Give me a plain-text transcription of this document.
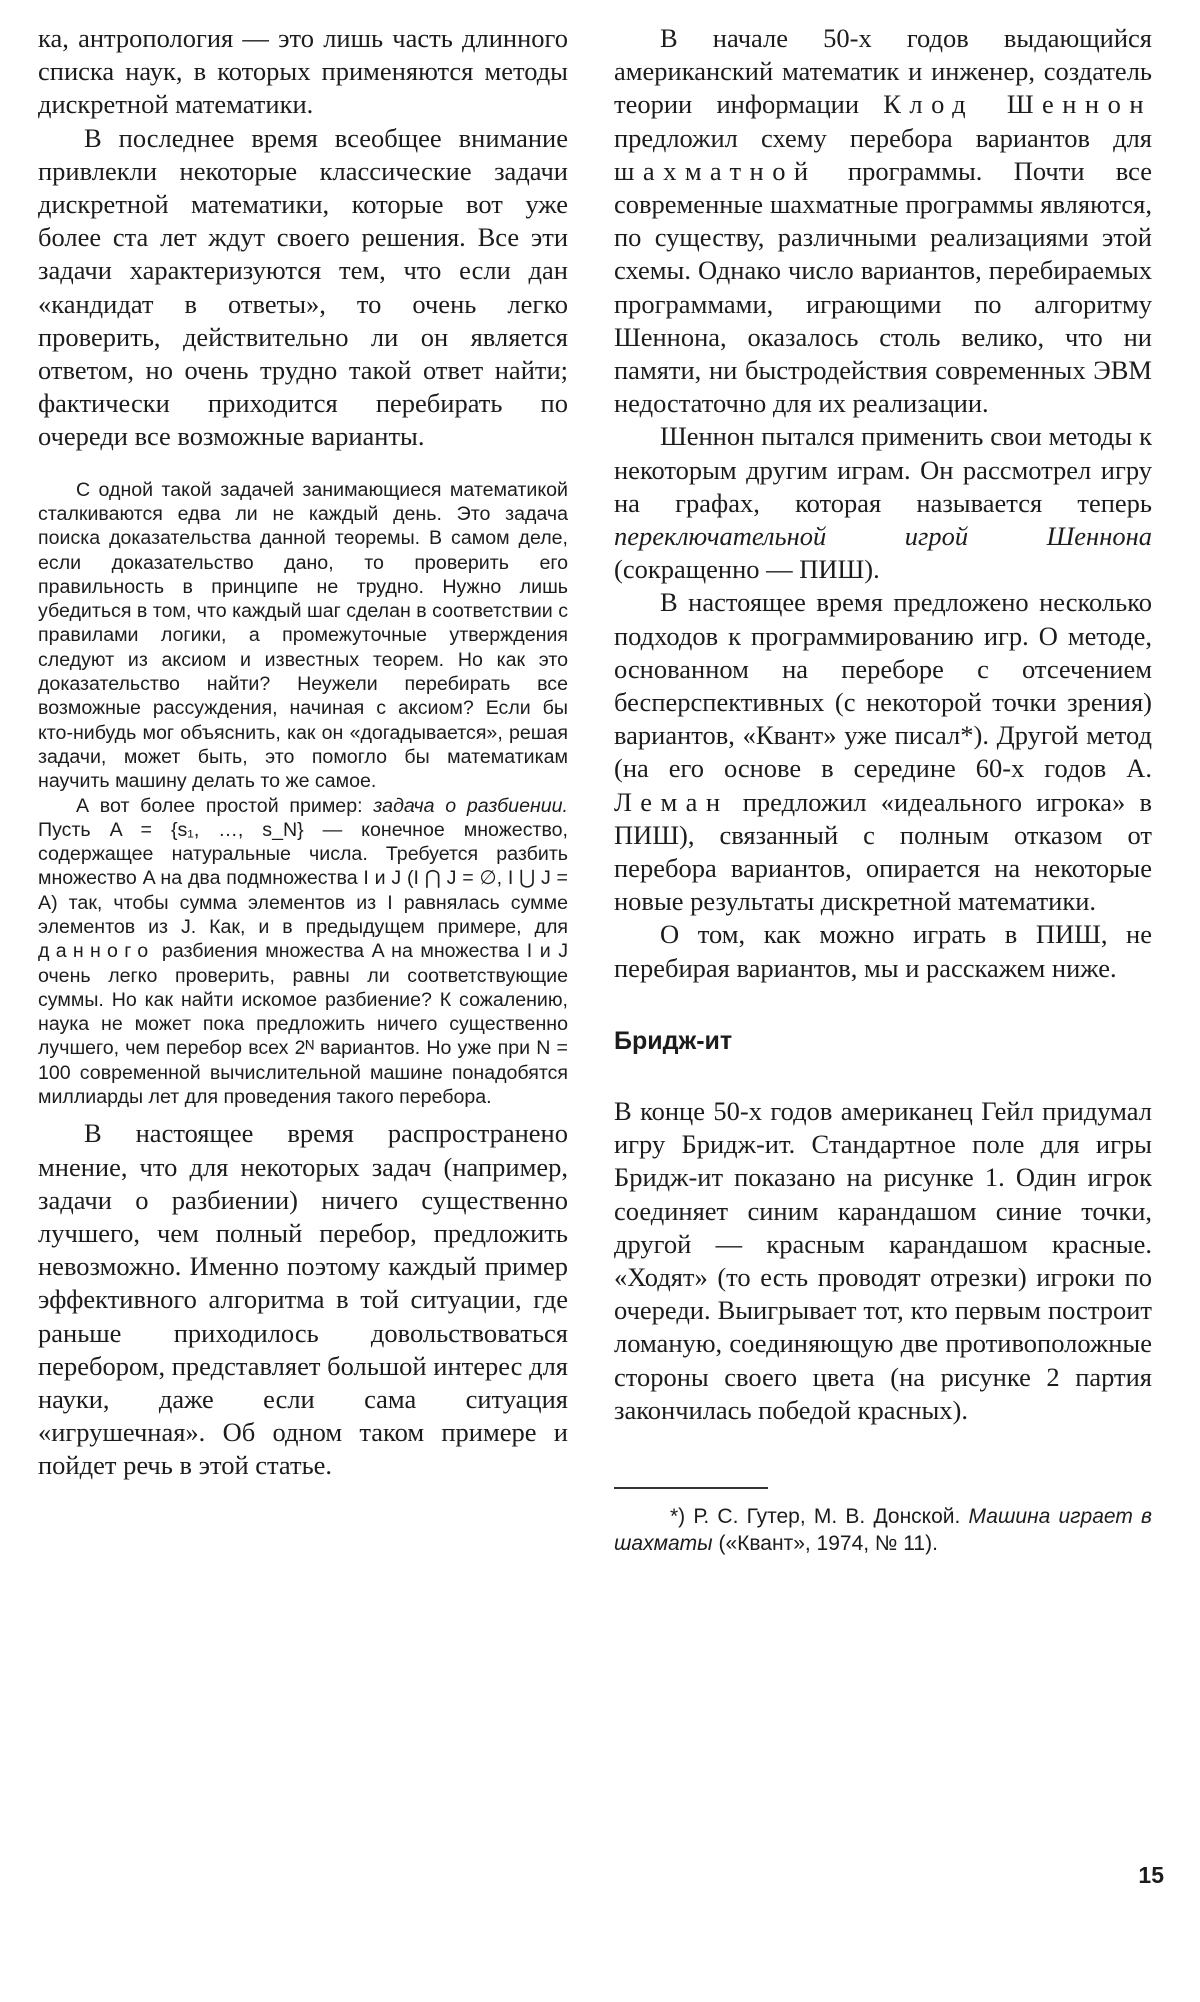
ка, антропология — это лишь часть длинного списка наук, в которых применяются методы дискретной математики.

В последнее время всеобщее внимание привлекли некоторые классические задачи дискретной математики, которые вот уже более ста лет ждут своего решения. Все эти задачи характеризуются тем, что если дан «кандидат в ответы», то очень легко проверить, действительно ли он является ответом, но очень трудно такой ответ найти; фактически приходится перебирать по очереди все возможные варианты.

С одной такой задачей занимающиеся математикой сталкиваются едва ли не каждый день. Это задача поиска доказательства данной теоремы. В самом деле, если доказательство дано, то проверить его правильность в принципе не трудно. Нужно лишь убедиться в том, что каждый шаг сделан в соответствии с правилами логики, а промежуточные утверждения следуют из аксиом и известных теорем. Но как это доказательство найти? Неужели перебирать все возможные рассуждения, начиная с аксиом? Если бы кто-нибудь мог объяснить, как он «догадывается», решая задачи, может быть, это помогло бы математикам научить машину делать то же самое.

А вот более простой пример: задача о разбиении. Пусть A = {s₁, …, s_N} — конечное множество, содержащее натуральные числа. Требуется разбить множество A на два подмножества I и J (I ⋂ J = ∅, I ⋃ J = A) так, чтобы сумма элементов из I равнялась сумме элементов из J. Как, и в предыдущем примере, для данного разбиения множества A на множества I и J очень легко проверить, равны ли соответствующие суммы. Но как найти искомое разбиение? К сожалению, наука не может пока предложить ничего существенно лучшего, чем перебор всех 2ᴺ вариантов. Но уже при N = 100 современной вычислительной машине понадобятся миллиарды лет для проведения такого перебора.

В настоящее время распространено мнение, что для некоторых задач (например, задачи о разбиении) ничего существенно лучшего, чем полный перебор, предложить невозможно. Именно поэтому каждый пример эффективного алгоритма в той ситуации, где раньше приходилось довольствоваться перебором, представляет большой интерес для науки, даже если сама ситуация «игрушечная». Об одном таком примере и пойдет речь в этой статье.

В начале 50-х годов выдающийся американский математик и инженер, создатель теории информации Клод Шеннон предложил схему перебора вариантов для шахматной программы. Почти все современные шахматные программы являются, по существу, различными реализациями этой схемы. Однако число вариантов, перебираемых программами, играющими по алгоритму Шеннона, оказалось столь велико, что ни памяти, ни быстродействия современных ЭВМ недостаточно для их реализации.

Шеннон пытался применить свои методы к некоторым другим играм. Он рассмотрел игру на графах, которая называется теперь переключательной игрой Шеннона (сокращенно — ПИШ).

В настоящее время предложено несколько подходов к программированию игр. О методе, основанном на переборе с отсечением бесперспективных (с некоторой точки зрения) вариантов, «Квант» уже писал*). Другой метод (на его основе в середине 60-х годов А. Леман предложил «идеального игрока» в ПИШ), связанный с полным отказом от перебора вариантов, опирается на некоторые новые результаты дискретной математики.

О том, как можно играть в ПИШ, не перебирая вариантов, мы и расскажем ниже.

Бридж-ит

В конце 50-х годов американец Гейл придумал игру Бридж-ит. Стандартное поле для игры Бридж-ит показано на рисунке 1. Один игрок соединяет синим карандашом синие точки, другой — красным карандашом красные. «Ходят» (то есть проводят отрезки) игроки по очереди. Выигрывает тот, кто первым построит ломаную, соединяющую две противоположные стороны своего цвета (на рисунке 2 партия закончилась победой красных).

*) Р. С. Гутер, М. В. Донской. Машина играет в шахматы («Квант», 1974, № 11).

15
